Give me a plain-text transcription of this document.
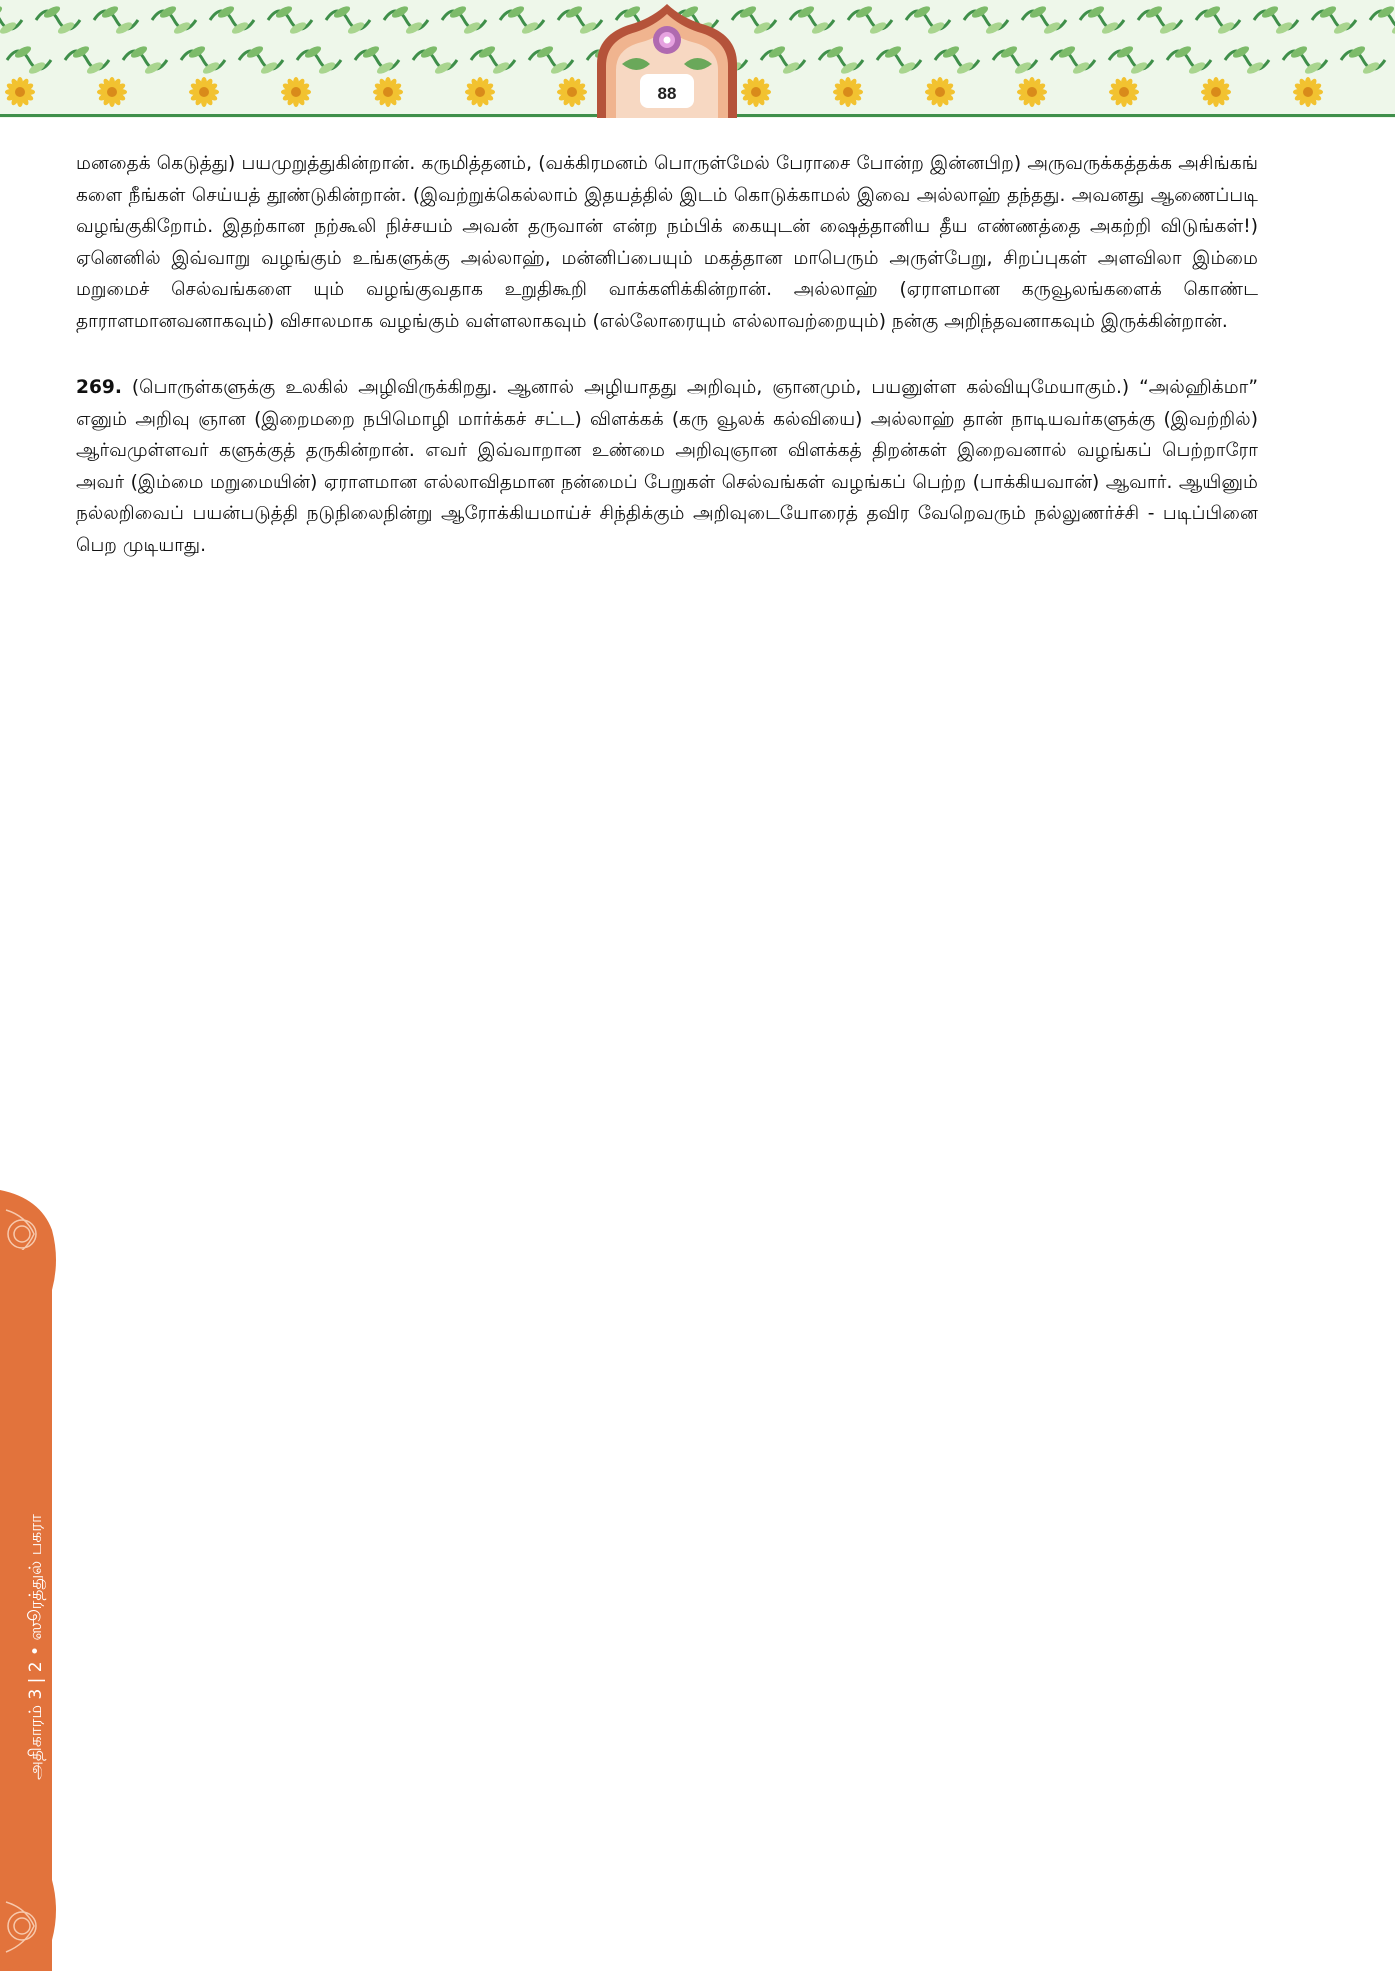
88

மனதைக் கெடுத்து) பயமுறுத்துகின்றான். கருமித்தனம், (வக்கிரமனம் பொருள்மேல் பேராசை போன்ற இன்னபிற) அருவருக்கத்தக்க அசிங்கங் களை நீங்கள் செய்யத் தூண்டுகின்றான். (இவற்றுக்கெல்லாம் இதயத்தில் இடம் கொடுக்காமல் இவை அல்லாஹ் தந்தது. அவனது ஆணைப்படி வழங்குகிறோம். இதற்கான நற்கூலி நிச்சயம் அவன் தருவான் என்ற நம்பிக் கையுடன் ஷைத்தானிய தீய எண்ணத்தை அகற்றி விடுங்கள்!) ஏனெனில் இவ்வாறு வழங்கும் உங்களுக்கு அல்லாஹ், மன்னிப்பையும் மகத்தான மாபெரும் அருள்பேறு, சிறப்புகள் அளவிலா இம்மை மறுமைச் செல்வங்களை யும் வழங்குவதாக உறுதிகூறி வாக்களிக்கின்றான். அல்லாஹ் (ஏராளமான கருவூலங்களைக் கொண்ட தாராளமானவனாகவும்) விசாலமாக வழங்கும் வள்ளலாகவும் (எல்லோரையும் எல்லாவற்றையும்) நன்கு அறிந்தவனாகவும் இருக்கின்றான்.

269. (பொருள்களுக்கு உலகில் அழிவிருக்கிறது. ஆனால் அழியாதது அறிவும், ஞானமும், பயனுள்ள கல்வியுமேயாகும்.) “அல்ஹிக்மா” எனும் அறிவு ஞான (இறைமறை நபிமொழி மார்க்கச் சட்ட) விளக்கக் (கரு வூலக் கல்வியை) அல்லாஹ் தான் நாடியவர்களுக்கு (இவற்றில்) ஆர்வமுள்ளவர் களுக்குத் தருகின்றான். எவர் இவ்வாறான உண்மை அறிவுஞான விளக்கத் திறன்கள் இறைவனால் வழங்கப் பெற்றாரோ அவர் (இம்மை மறுமையின்) ஏராளமான எல்லாவிதமான நன்மைப் பேறுகள் செல்வங்கள் வழங்கப் பெற்ற (பாக்கியவான்) ஆவார். ஆயினும் நல்லறிவைப் பயன்படுத்தி நடுநிலைநின்று ஆரோக்கியமாய்ச் சிந்திக்கும் அறிவுடையோரைத் தவிர வேறெவரும் நல்லுணர்ச்சி - படிப்பினை பெற முடியாது.

அதிகாரம் 3 | 2 • ஸூரத்துல் பகரா
